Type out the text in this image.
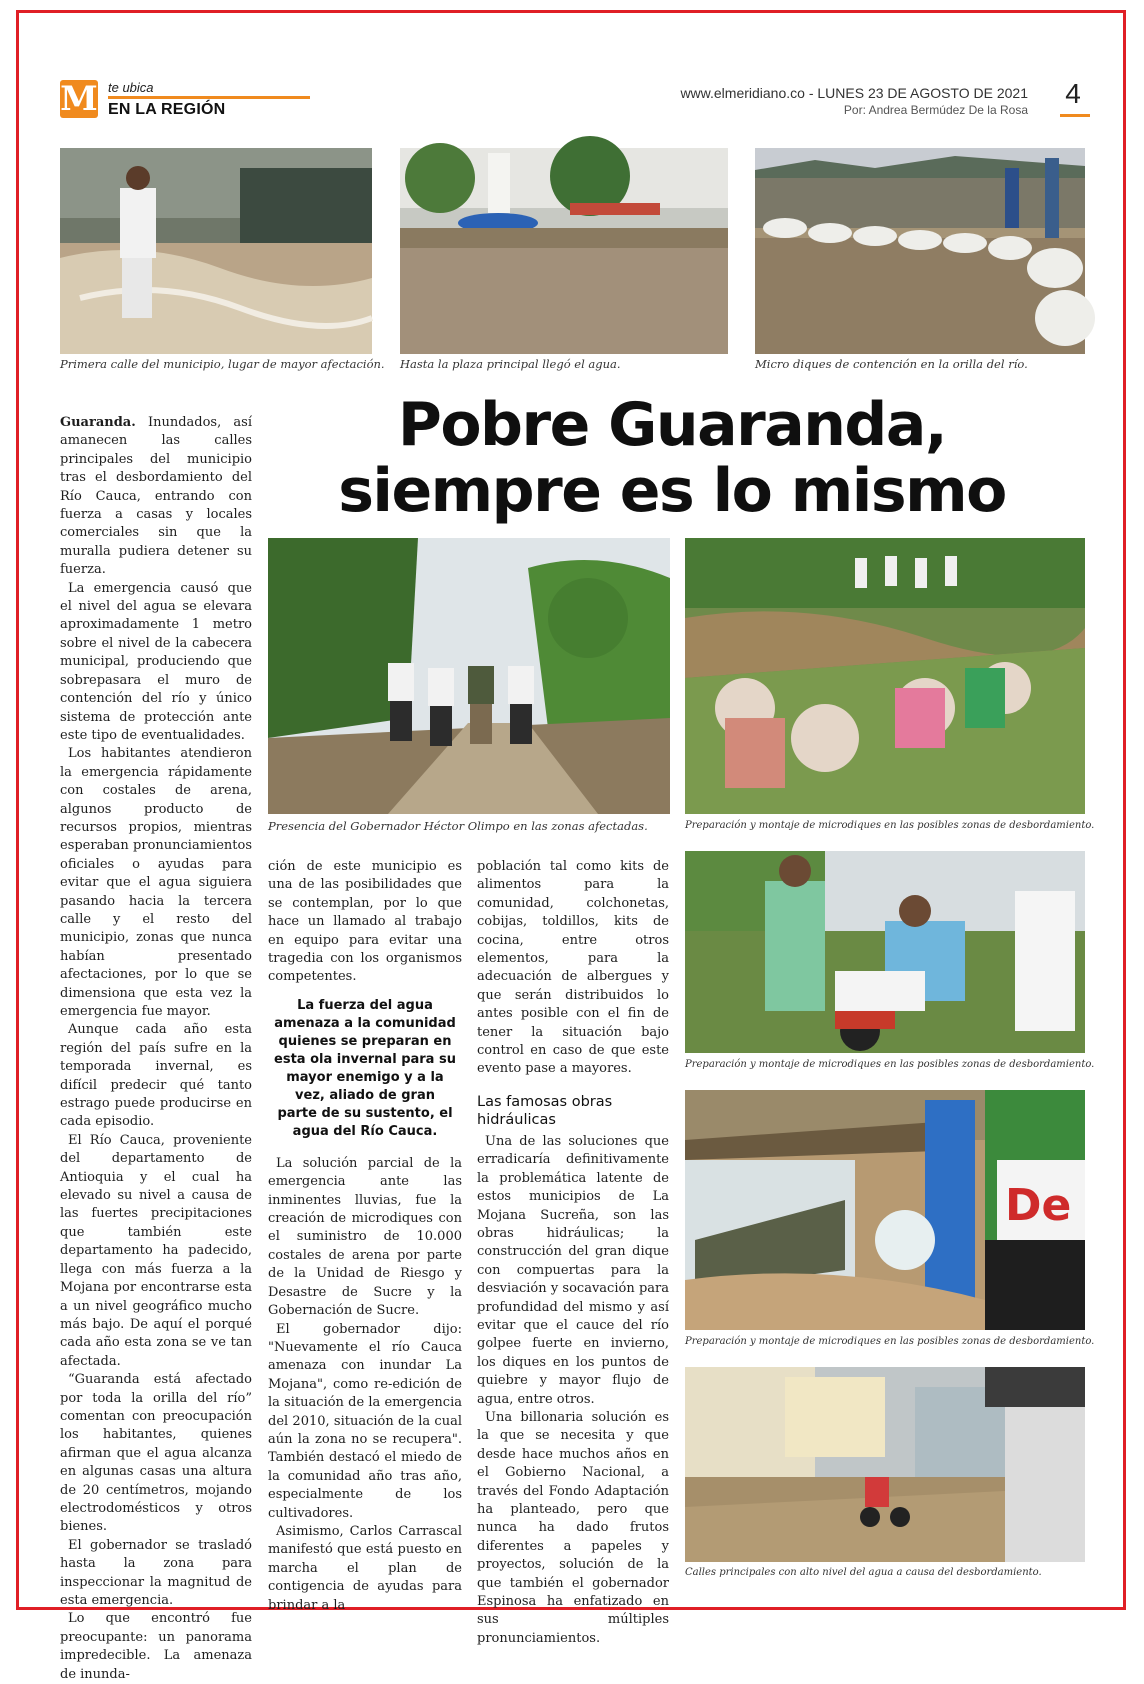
M te ubica
EN LA REGIÓN
www.elmeridiano.co - LUNES 23 DE AGOSTO DE 2021
Por: Andrea Bermúdez De la Rosa
4
Primera calle del municipio, lugar de mayor afectación. Hasta la plaza principal llegó el agua.	Micro diques de contención en la orilla del río.
Pobre Guaranda,
siempre es lo mismo
Presencia del Gobernador Héctor Olimpo en las zonas afectadas.	Preparación y montaje de microdiques en las posibles zonas de desbordamiento.
Preparación y montaje de microdiques en las posibles zonas de desbordamiento.
De
Preparación y montaje de microdiques en las posibles zonas de desbordamiento.
Calles principales con alto nivel del agua a causa del desbordamiento.

Guaranda. Inundados, así amanecen las calles principales del municipio tras el desbordamiento del Río Cauca, entrando con fuerza a casas y locales comerciales sin que la muralla pudiera detener su fuerza.

La emergencia causó que el nivel del agua se elevara aproximadamente 1 metro sobre el nivel de la cabecera municipal, produciendo que sobrepasara el muro de contención del río y único sistema de protección ante este tipo de eventualidades.

Los habitantes atendieron la emergencia rápidamente con costales de arena, algunos producto de recursos propios, mientras esperaban pronunciamientos oficiales o ayudas para evitar que el agua siguiera pasando hacia la tercera calle y el resto del municipio, zonas que nunca habían presentado afectaciones, por lo que se dimensiona que esta vez la emergencia fue mayor.

Aunque cada año esta región del país sufre en la temporada invernal, es difícil predecir qué tanto estrago puede producirse en cada episodio.

El Río Cauca, proveniente del departamento de Antioquia y el cual ha elevado su nivel a causa de las fuertes precipitaciones que también este departamento ha padecido, llega con más fuerza a la Mojana por encontrarse esta a un nivel geográfico mucho más bajo. De aquí el porqué cada año esta zona se ve tan afectada.

“Guaranda está afectado por toda la orilla del río” comentan con preocupación los habitantes, quienes afirman que el agua alcanza en algunas casas una altura de 20 centímetros, mojando electrodomésticos y otros bienes.

El gobernador se trasladó hasta la zona para inspeccionar la magnitud de esta emergencia.

Lo que encontró fue preocupante: un panorama impredecible. La amenaza de inunda-

ción de este municipio es una de las posibilidades que se contemplan, por lo que hace un llamado al trabajo en equipo para evitar una tragedia con los organismos competentes.

La fuerza del agua amenaza a la comunidad quienes se preparan en esta ola invernal para su mayor enemigo y a la vez, aliado de gran parte de su sustento, el agua del Río Cauca.

La solución parcial de la emergencia ante las inminentes lluvias, fue la creación de microdiques con el suministro de 10.000 costales de arena por parte de la Unidad de Riesgo y Desastre de Sucre y la Gobernación de Sucre.

El gobernador dijo: "Nuevamente el río Cauca amenaza con inundar La Mojana", como re-edición de la situación de la emergencia del 2010, situación de la cual aún la zona no se recupera". También destacó el miedo de la comunidad año tras año, especialmente de los cultivadores.

Asimismo, Carlos Carrascal manifestó que está puesto en marcha el plan de contigencia de ayudas para brindar a la

población tal como kits de alimentos para la comunidad, colchonetas, cobijas, toldillos, kits de cocina, entre otros elementos, para la adecuación de albergues y que serán distribuidos lo antes posible con el fin de tener la situación bajo control en caso de que este evento pase a mayores.

Las famosas obras hidráulicas

Una de las soluciones que erradicaría definitivamente la problemática latente de estos municipios de La Mojana Sucreña, son las obras hidráulicas; la construcción del gran dique con compuertas para la desviación y socavación para profundidad del mismo y así evitar que el cauce del río golpee fuerte en invierno, los diques en los puntos de quiebre y mayor flujo de agua, entre otros.

Una billonaria solución es la que se necesita y que desde hace muchos años en el Gobierno Nacional, a través del Fondo Adaptación ha planteado, pero que nunca ha dado frutos diferentes a papeles y proyectos, solución de la que también el gobernador Espinosa ha enfatizado en sus múltiples pronunciamientos.
